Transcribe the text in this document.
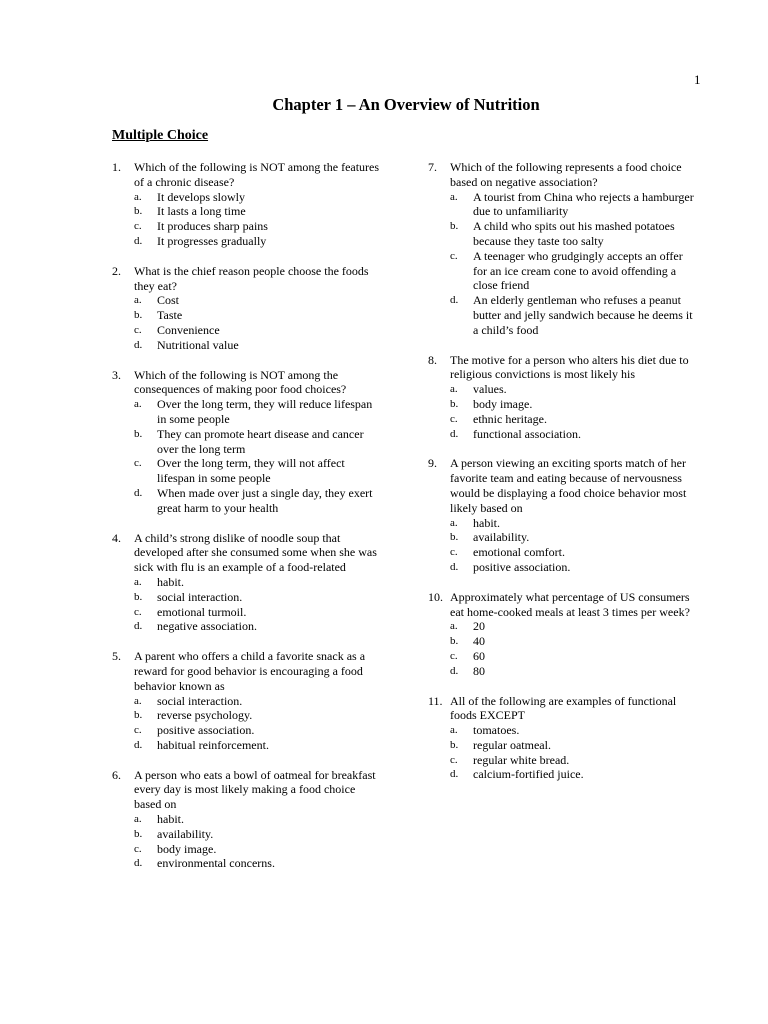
1
Chapter 1 – An Overview of Nutrition
Multiple Choice
1.	Which of the following is NOT among the features of a chronic disease?
a.	It develops slowly
b.	It lasts a long time
c.	It produces sharp pains
d.	It progresses gradually
2.	What is the chief reason people choose the foods they eat?
a.	Cost
b.	Taste
c.	Convenience
d.	Nutritional value
3.	Which of the following is NOT among the consequences of making poor food choices?
a.	Over the long term, they will reduce lifespan in some people
b.	They can promote heart disease and cancer over the long term
c.	Over the long term, they will not affect lifespan in some people
d.	When made over just a single day, they exert great harm to your health
4.	A child’s strong dislike of noodle soup that developed after she consumed some when she was sick with flu is an example of a food-related
a.	habit.
b.	social interaction.
c.	emotional turmoil.
d.	negative association.
5.	A parent who offers a child a favorite snack as a reward for good behavior is encouraging a food behavior known as
a.	social interaction.
b.	reverse psychology.
c.	positive association.
d.	habitual reinforcement.
6.	A person who eats a bowl of oatmeal for breakfast every day is most likely making a food choice based on
a.	habit.
b.	availability.
c.	body image.
d.	environmental concerns.
7.	Which of the following represents a food choice based on negative association?
a.	A tourist from China who rejects a hamburger due to unfamiliarity
b.	A child who spits out his mashed potatoes because they taste too salty
c.	A teenager who grudgingly accepts an offer for an ice cream cone to avoid offending a close friend
d.	An elderly gentleman who refuses a peanut butter and jelly sandwich because he deems it a child’s food
8.	The motive for a person who alters his diet due to religious convictions is most likely his
a.	values.
b.	body image.
c.	ethnic heritage.
d.	functional association.
9.	A person viewing an exciting sports match of her favorite team and eating because of nervousness would be displaying a food choice behavior most likely based on
a.	habit.
b.	availability.
c.	emotional comfort.
d.	positive association.
10. Approximately what percentage of US consumers eat home-cooked meals at least 3 times per week?
a.	20
b.	40
c.	60
d.	80
11. All of the following are examples of functional foods EXCEPT
a.	tomatoes.
b.	regular oatmeal.
c.	regular white bread.
d.	calcium-fortified juice.
